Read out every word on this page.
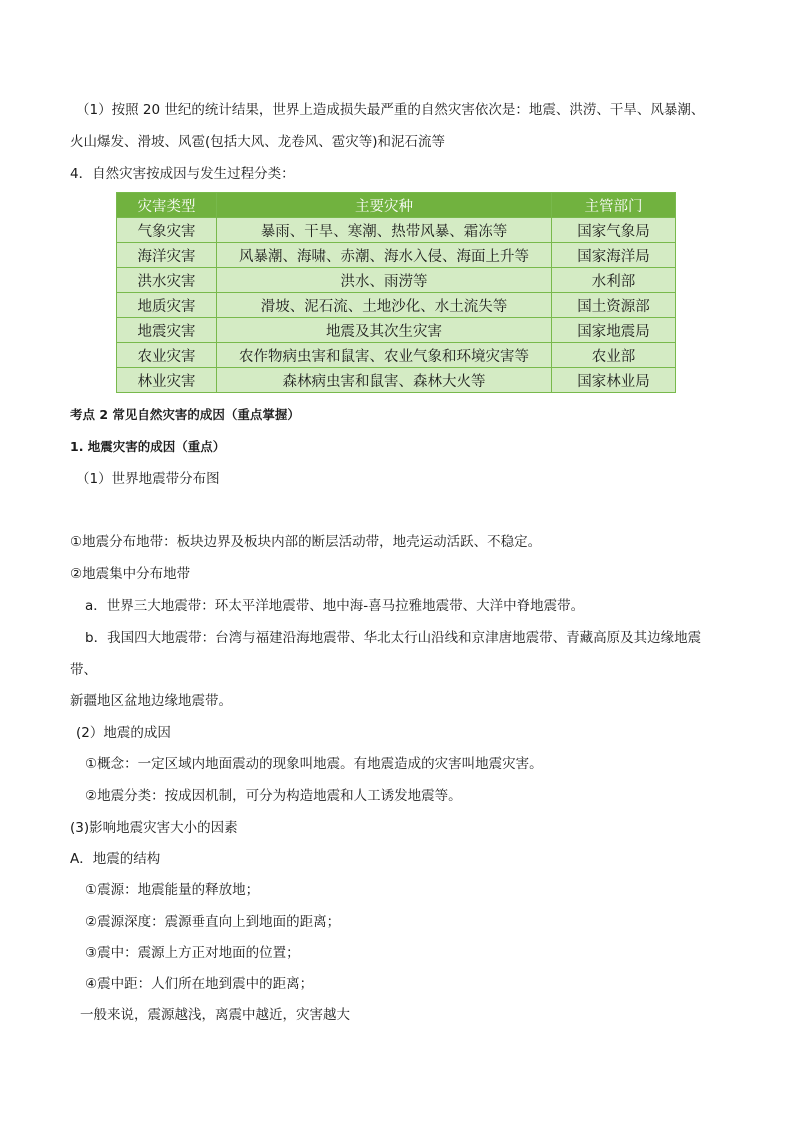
（1）按照 20 世纪的统计结果，世界上造成损失最严重的自然灾害依次是：地震、洪涝、干旱、风暴潮、
火山爆发、滑坡、风雹(包括大风、龙卷风、雹灾等)和泥石流等
4．自然灾害按成因与发生过程分类：
灾害类型	主要灾种	主管部门
气象灾害	暴雨、干旱、寒潮、热带风暴、霜冻等	国家气象局
海洋灾害	风暴潮、海啸、赤潮、海水入侵、海面上升等	国家海洋局
洪水灾害	洪水、雨涝等	水利部
地质灾害	滑坡、泥石流、土地沙化、水土流失等	国土资源部
地震灾害	地震及其次生灾害	国家地震局
农业灾害	农作物病虫害和鼠害、农业气象和环境灾害等	农业部
林业灾害	森林病虫害和鼠害、森林大火等	国家林业局
考点 2 常见自然灾害的成因（重点掌握）
1. 地震灾害的成因（重点）
（1）世界地震带分布图
①地震分布地带：板块边界及板块内部的断层活动带，地壳运动活跃、不稳定。
②地震集中分布地带
a．世界三大地震带：环太平洋地震带、地中海-喜马拉雅地震带、大洋中脊地震带。
b．我国四大地震带：台湾与福建沿海地震带、华北太行山沿线和京津唐地震带、青藏高原及其边缘地震
带、
新疆地区盆地边缘地震带。
(2）地震的成因
①概念：一定区域内地面震动的现象叫地震。有地震造成的灾害叫地震灾害。
②地震分类：按成因机制，可分为构造地震和人工诱发地震等。
(3)影响地震灾害大小的因素
A．地震的结构
①震源：地震能量的释放地；
②震源深度：震源垂直向上到地面的距离；
③震中：震源上方正对地面的位置；
④震中距：人们所在地到震中的距离；
一般来说，震源越浅，离震中越近，灾害越大
